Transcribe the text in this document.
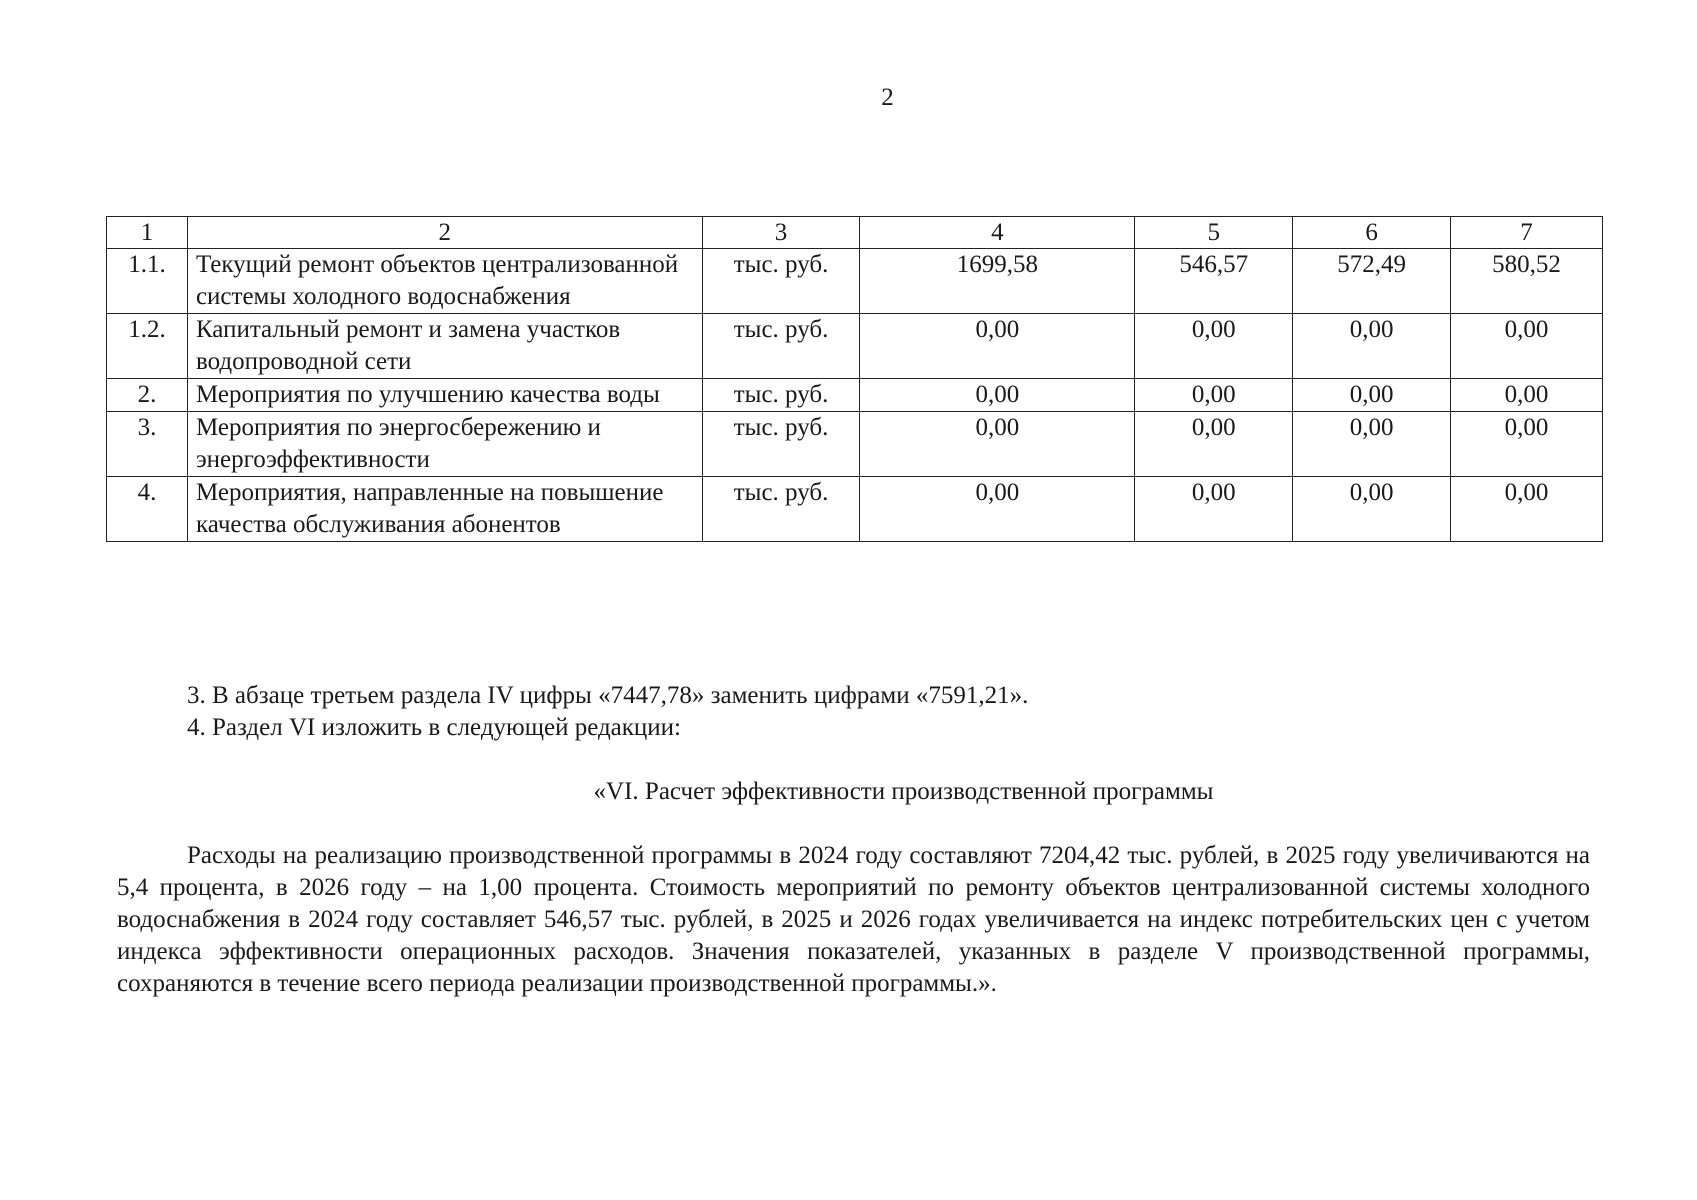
2
1	2	3	4	5	6	7
1.1.	Текущий ремонт объектов централизованной системы холодного водоснабжения	тыс. руб.	1699,58	546,57	572,49	580,52
1.2.	Капитальный ремонт и замена участков водопроводной сети	тыс. руб.	0,00	0,00	0,00	0,00
2.	Мероприятия по улучшению качества воды	тыс. руб.	0,00	0,00	0,00	0,00
3.	Мероприятия по энергосбережению и энергоэффективности	тыс. руб.	0,00	0,00	0,00	0,00
4.	Мероприятия, направленные на повышение качества обслуживания абонентов	тыс. руб.	0,00	0,00	0,00	0,00
3. В абзаце третьем раздела IV цифры «7447,78» заменить цифрами «7591,21».
4. Раздел VI изложить в следующей редакции:
«VI. Расчет эффективности производственной программы
Расходы на реализацию производственной программы в 2024 году составляют 7204,42 тыс. рублей, в 2025 году увеличиваются на 5,4 процента, в 2026 году – на 1,00 процента. Стоимость мероприятий по ремонту объектов централизованной системы холодного водоснабжения в 2024 году составляет 546,57 тыс. рублей, в 2025 и 2026 годах увеличивается на индекс потребительских цен с учетом индекса эффективности операционных расходов. Значения показателей, указанных в разделе V производственной программы, сохраняются в течение всего периода реализации производственной программы.».
